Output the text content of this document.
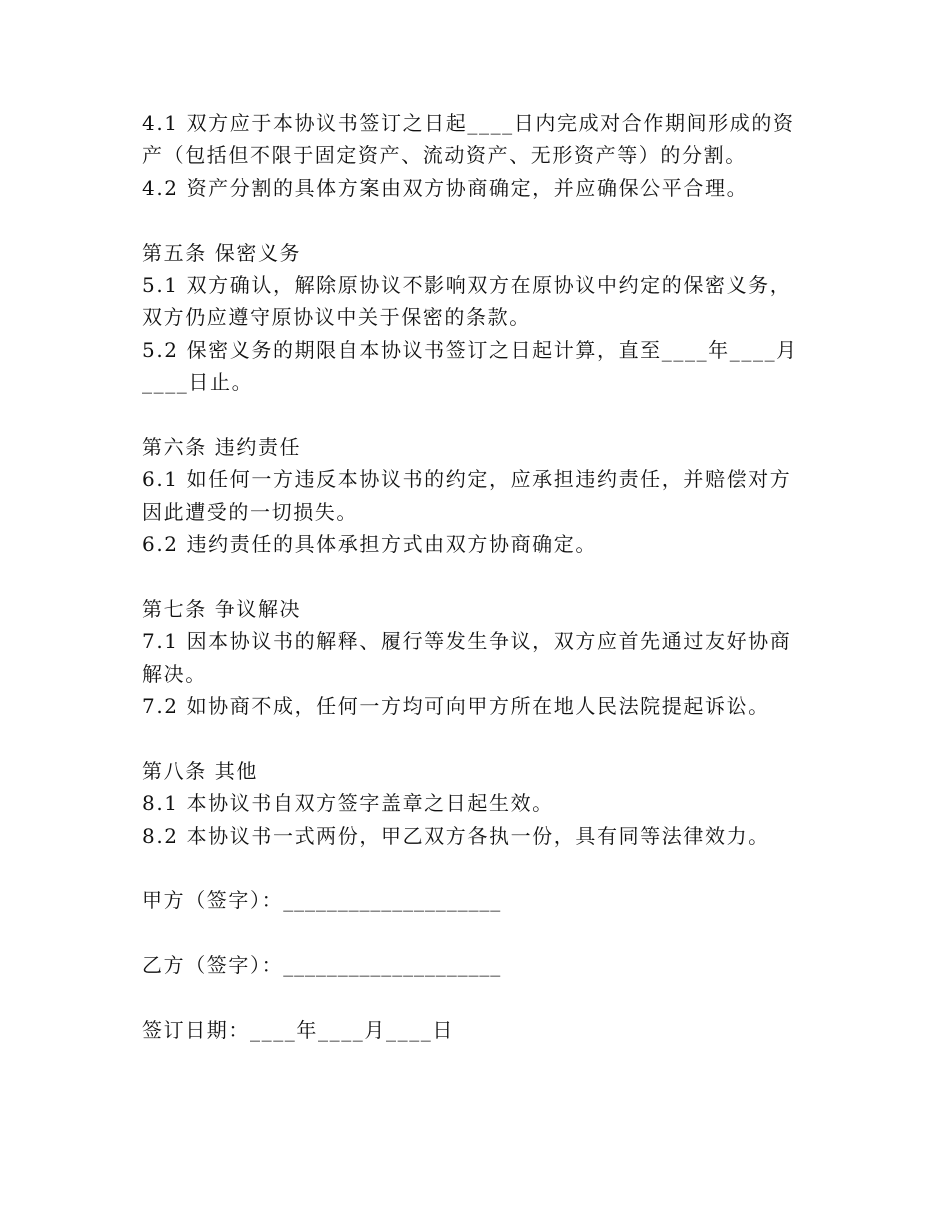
4.1 双方应于本协议书签订之日起____日内完成对合作期间形成的资
产（包括但不限于固定资产、流动资产、无形资产等）的分割。
4.2 资产分割的具体方案由双方协商确定，并应确保公平合理。
第五条 保密义务
5.1 双方确认，解除原协议不影响双方在原协议中约定的保密义务，
双方仍应遵守原协议中关于保密的条款。
5.2 保密义务的期限自本协议书签订之日起计算，直至____年____月
____日止。
第六条 违约责任
6.1 如任何一方违反本协议书的约定，应承担违约责任，并赔偿对方
因此遭受的一切损失。
6.2 违约责任的具体承担方式由双方协商确定。
第七条 争议解决
7.1 因本协议书的解释、履行等发生争议，双方应首先通过友好协商
解决。
7.2 如协商不成，任何一方均可向甲方所在地人民法院提起诉讼。
第八条 其他
8.1 本协议书自双方签字盖章之日起生效。
8.2 本协议书一式两份，甲乙双方各执一份，具有同等法律效力。
甲方（签字）：____________________
乙方（签字）：____________________
签订日期：____年____月____日
